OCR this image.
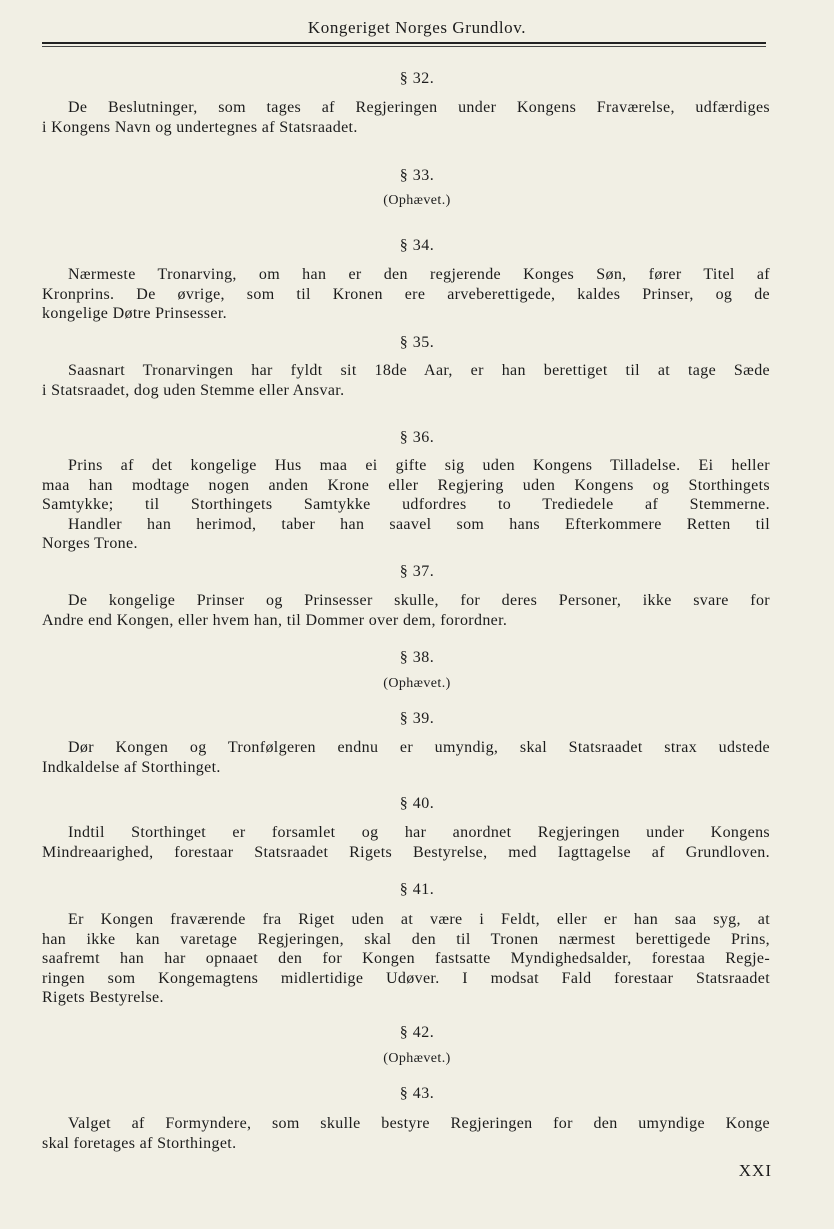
Kongeriget Norges Grundlov.
§ 32.
De Beslutninger, som tages af Regjeringen under Kongens Fraværelse, udfærdiges
i Kongens Navn og undertegnes af Statsraadet.
§ 33.
(Ophævet.)
§ 34.
Nærmeste Tronarving, om han er den regjerende Konges Søn, fører Titel af
Kronprins. De øvrige, som til Kronen ere arveberettigede, kaldes Prinser, og de
kongelige Døtre Prinsesser.
§ 35.
Saasnart Tronarvingen har fyldt sit 18de Aar, er han berettiget til at tage Sæde
i Statsraadet, dog uden Stemme eller Ansvar.
§ 36.
Prins af det kongelige Hus maa ei gifte sig uden Kongens Tilladelse. Ei heller
maa han modtage nogen anden Krone eller Regjering uden Kongens og Storthingets
Samtykke; til Storthingets Samtykke udfordres to Trediedele af Stemmerne.
Handler han herimod, taber han saavel som hans Efterkommere Retten til
Norges Trone.
§ 37.
De kongelige Prinser og Prinsesser skulle, for deres Personer, ikke svare for
Andre end Kongen, eller hvem han, til Dommer over dem, forordner.
§ 38.
(Ophævet.)
§ 39.
Dør Kongen og Tronfølgeren endnu er umyndig, skal Statsraadet strax udstede
Indkaldelse af Storthinget.
§ 40.
Indtil Storthinget er forsamlet og har anordnet Regjeringen under Kongens
Mindreaarighed, forestaar Statsraadet Rigets Bestyrelse, med Iagttagelse af Grundloven.
§ 41.
Er Kongen fraværende fra Riget uden at være i Feldt, eller er han saa syg, at
han ikke kan varetage Regjeringen, skal den til Tronen nærmest berettigede Prins,
saafremt han har opnaaet den for Kongen fastsatte Myndighedsalder, forestaa Regje-
ringen som Kongemagtens midlertidige Udøver. I modsat Fald forestaar Statsraadet
Rigets Bestyrelse.
§ 42.
(Ophævet.)
§ 43.
Valget af Formyndere, som skulle bestyre Regjeringen for den umyndige Konge
skal foretages af Storthinget.
XXI
